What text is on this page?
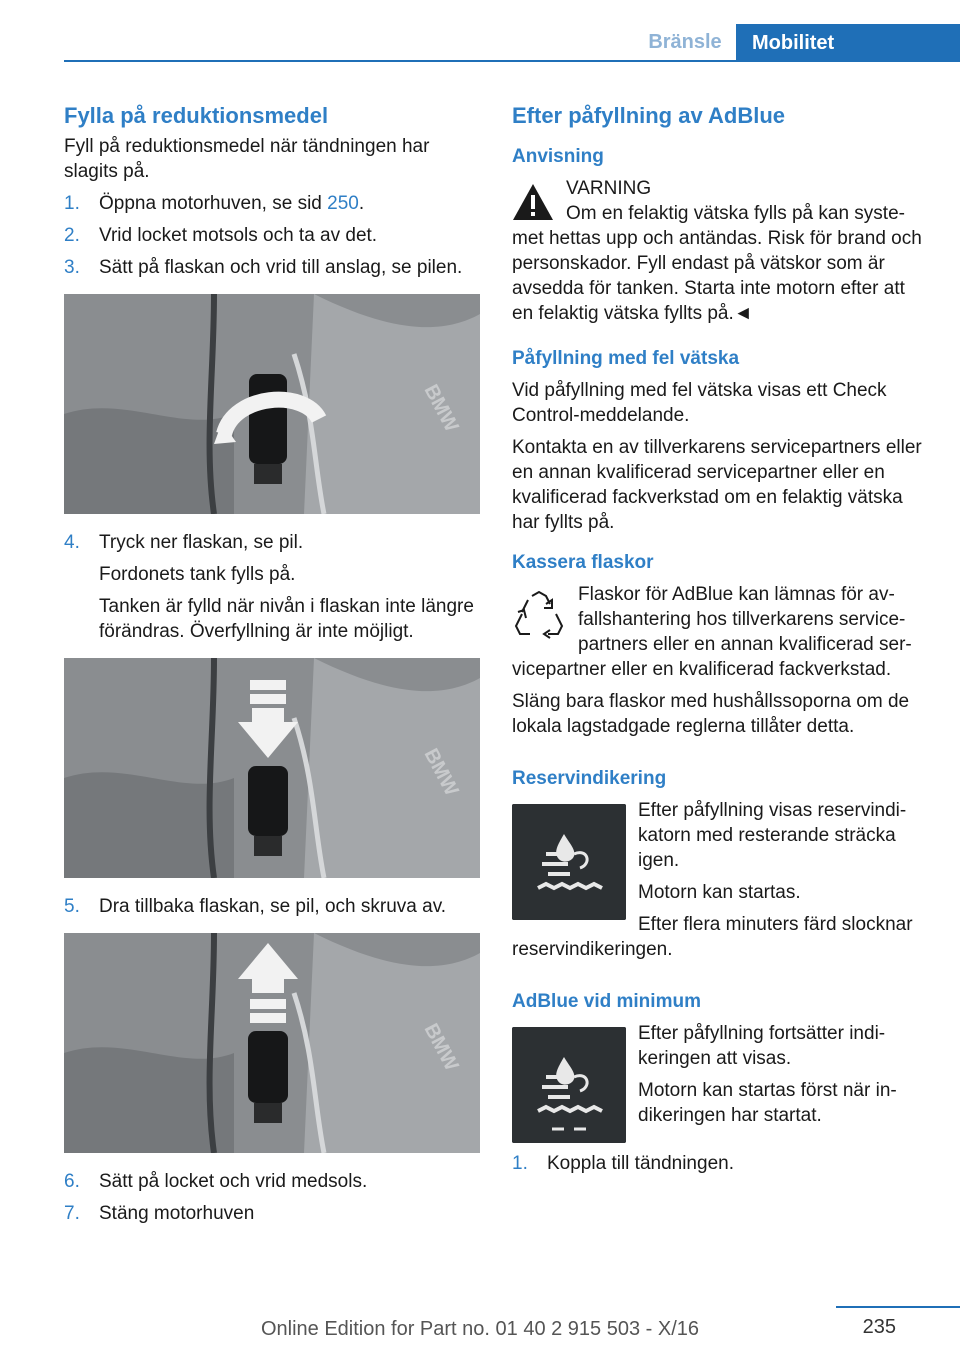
Bränsle	Mobilitet
Fylla på reduktionsmedel

Fyll på reduktionsmedel när tändningen har slagits på.

1. Öppna motorhuven, se sid 250.
2. Vrid locket motsols och ta av det.
3. Sätt på flaskan och vrid till anslag, se pilen.
BMW
4. Tryck ner flaskan, se pil.

Fordonets tank fylls på.

Tanken är fylld när nivån i flaskan inte längre förändras. Överfyllning är inte möjligt.

BMW
5. Dra tillbaka flaskan, se pil, och skruva av.
BMW
6. Sätt på locket och vrid medsols.
7. Stäng motorhuven
Efter påfyllning av AdBlue
Anvisning
VARNING
Om en felaktig vätska fylls på kan systemet hettas upp och antändas. Risk för brand och personskador. Fyll endast på vätskor som är avsedda för tanken. Starta inte motorn efter att en felaktig vätska fyllts på.◄
Påfyllning med fel vätska

Vid påfyllning med fel vätska visas ett Check Control-meddelande.

Kontakta en av tillverkarens servicepartners eller en annan kvalificerad servicepartner eller en kvalificerad fackverkstad om en felaktig vätska har fyllts på.

Kassera flaskor
Flaskor för AdBlue kan lämnas för avfallshantering hos tillverkarens servicepartners eller en annan kvalificerad servicepartner eller en kvalificerad fackverkstad.

Släng bara flaskor med hushållssoporna om de lokala lagstadgade reglerna tillåter detta.

Reservindikering

Efter påfyllning visas reservindikatorn med resterande sträcka igen.

Motorn kan startas.

Efter flera minuters färd slocknar reservindikeringen.

AdBlue vid minimum

Efter påfyllning fortsätter indikeringen att visas.

Motorn kan startas först när indikeringen har startat.

1. Koppla till tändningen.
235
Online Edition for Part no. 01 40 2 915 503 - X/16
